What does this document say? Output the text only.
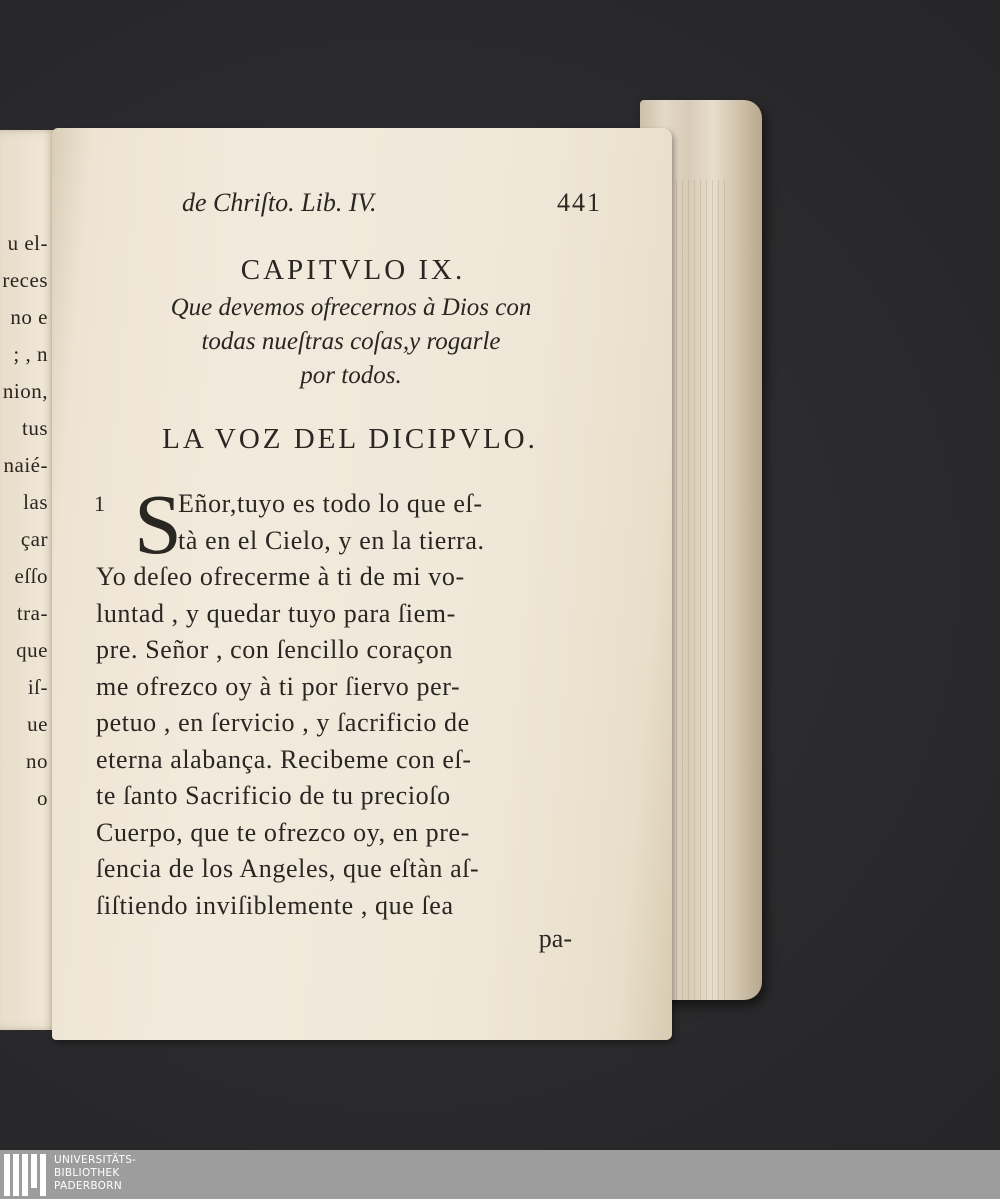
u el-
reces
no e
; , n
nion,
tus
naié-
las
çar
eſſo
tra-
que
iſ-
ue
no
o
de Chriſto. Lib. IV.	441
CAPITVLO IX.
Que devemos ofrecernos à Dios con
todas nueſtras coſas,y rogarle
por todos.
LA VOZ DEL DICIPVLO.
1 S
Eñor,tuyo es todo lo que eſ-
tà en el Cielo, y en la tierra.
Yo deſeo ofrecerme à ti de mi vo-
luntad , y quedar tuyo para ſiem-
pre. Señor , con ſencillo coraçon
me ofrezco oy à ti por ſiervo per-
petuo , en ſervicio , y ſacrificio de
eterna alabança. Recibeme con eſ-
te ſanto Sacrificio de tu precioſo
Cuerpo, que te ofrezco oy, en pre-
ſencia de los Angeles, que eſtàn aſ-
ſiſtiendo inviſiblemente , que ſea
pa-
UNIVERSITÄTS-
BIBLIOTHEK
PADERBORN
